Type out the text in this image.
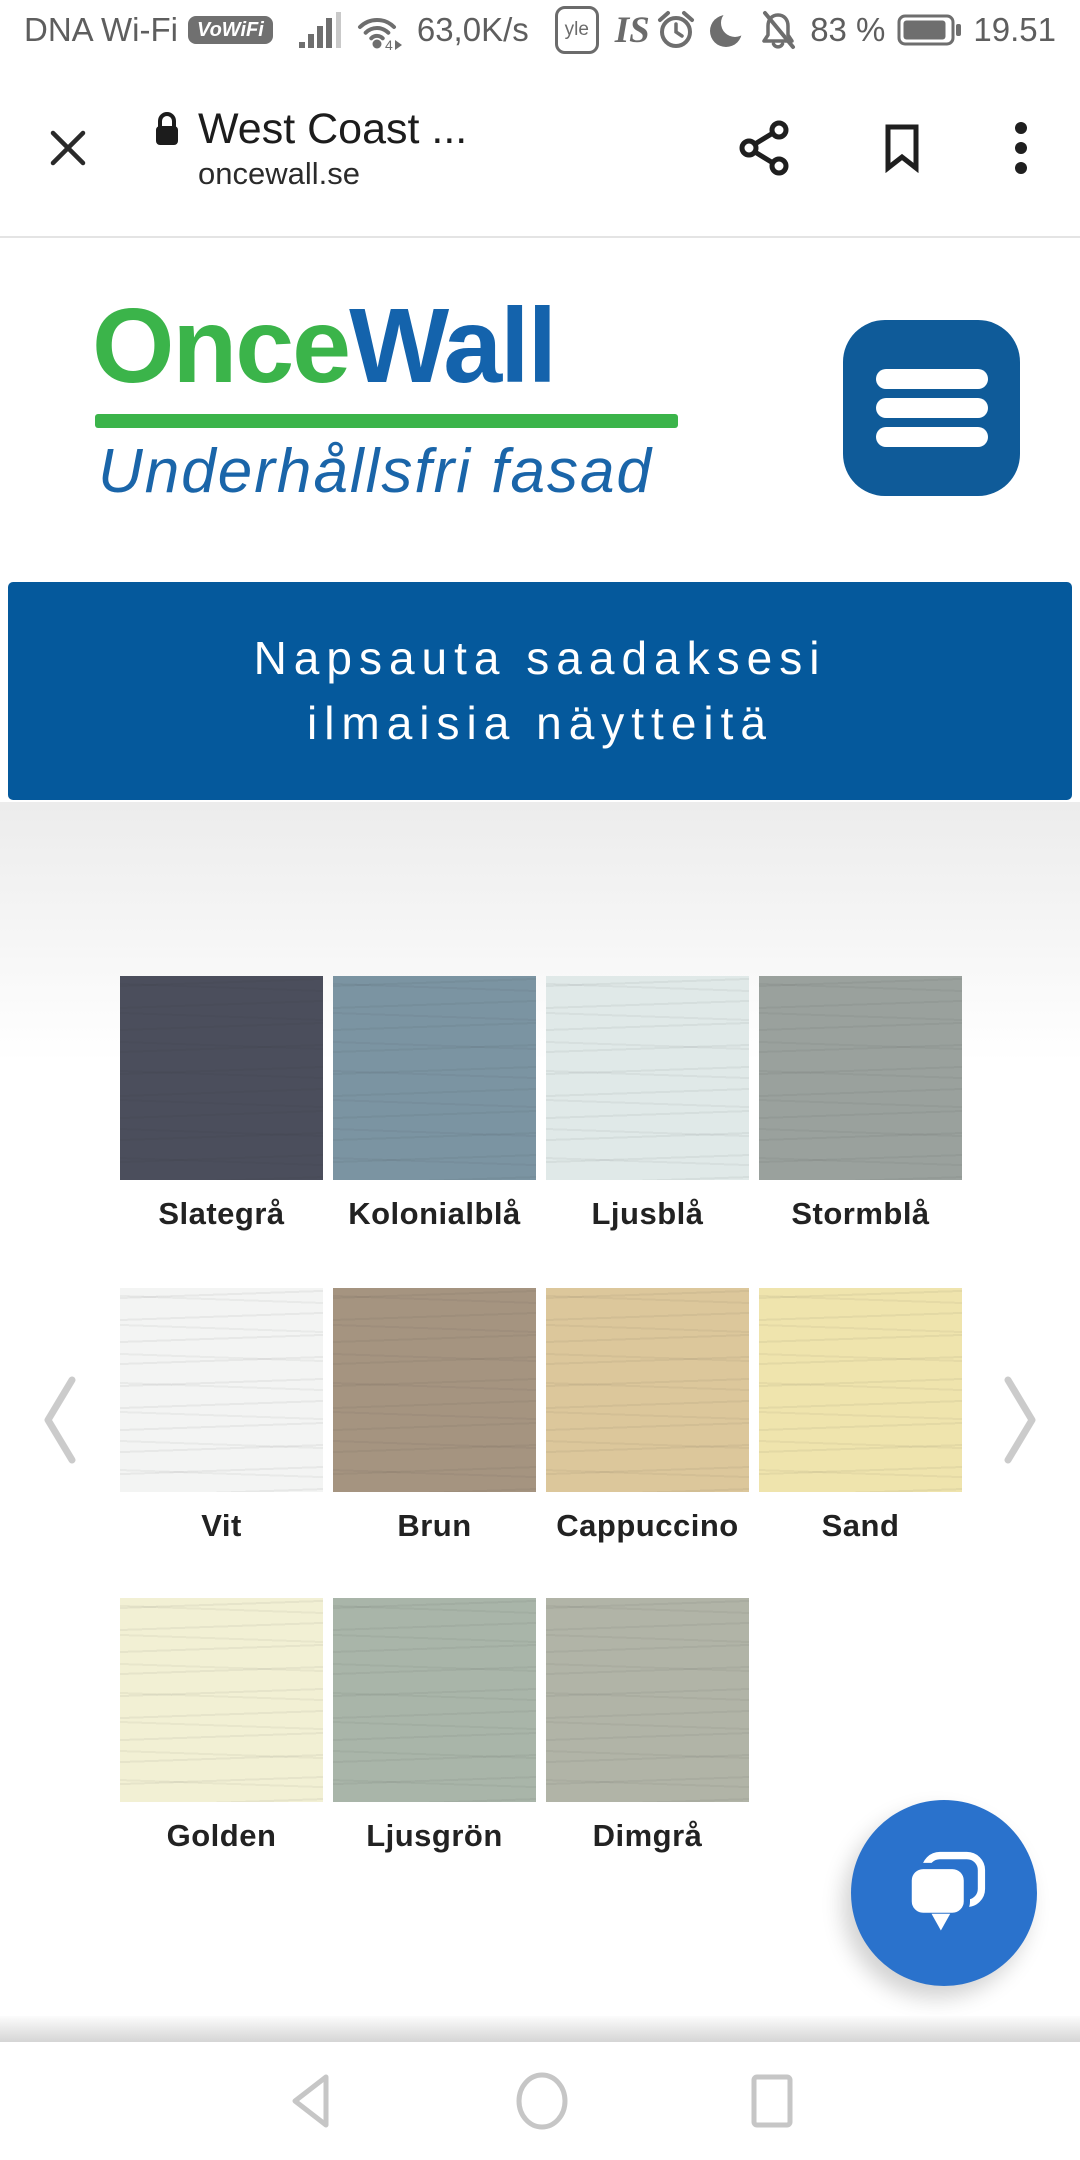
DNA Wi-Fi VoWiFi
4 63,0K/s	yle IS	83 %	19.51
West Coast ...
oncewall.se
OnceWall
Underhållsfri fasad
Napsauta saadaksesi
ilmaisia näytteitä
Slategrå	Kolonialblå	Ljusblå	Stormblå
Vit	Brun	Cappuccino	Sand
Golden	Ljusgrön	Dimgrå
